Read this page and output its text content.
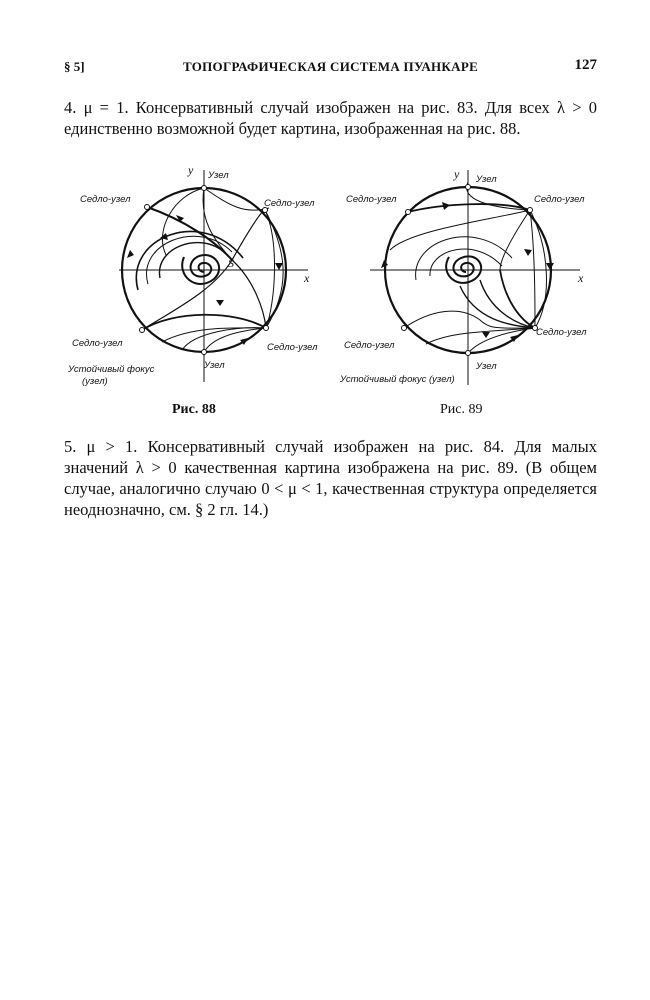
§ 5]	ТОПОГРАФИЧЕСКАЯ СИСТЕМА ПУАНКАРЕ	127
4. μ = 1. Консервативный случай изображен на рис. 83. Для всех λ > 0 единственно возможной будет картина, изображенная на рис. 88.
y
x
Седло-узел
Узел
Седло-узел
S
Седло-узел	Седло-узел
Узел
Устойчивый фокус
(узел)
y
x
Седло-узел
Узел
Седло-узел
Седло-узел
Седло-узел
Узел
Устойчивый фокус (узел)
Рис. 88	Рис. 89
5. μ > 1. Консервативный случай изображен на рис. 84. Для малых значений λ > 0 качественная картина изображена на рис. 89. (В общем случае, аналогично случаю 0 < μ < 1, качественная структура определяется неоднозначно, см. § 2 гл. 14.)
